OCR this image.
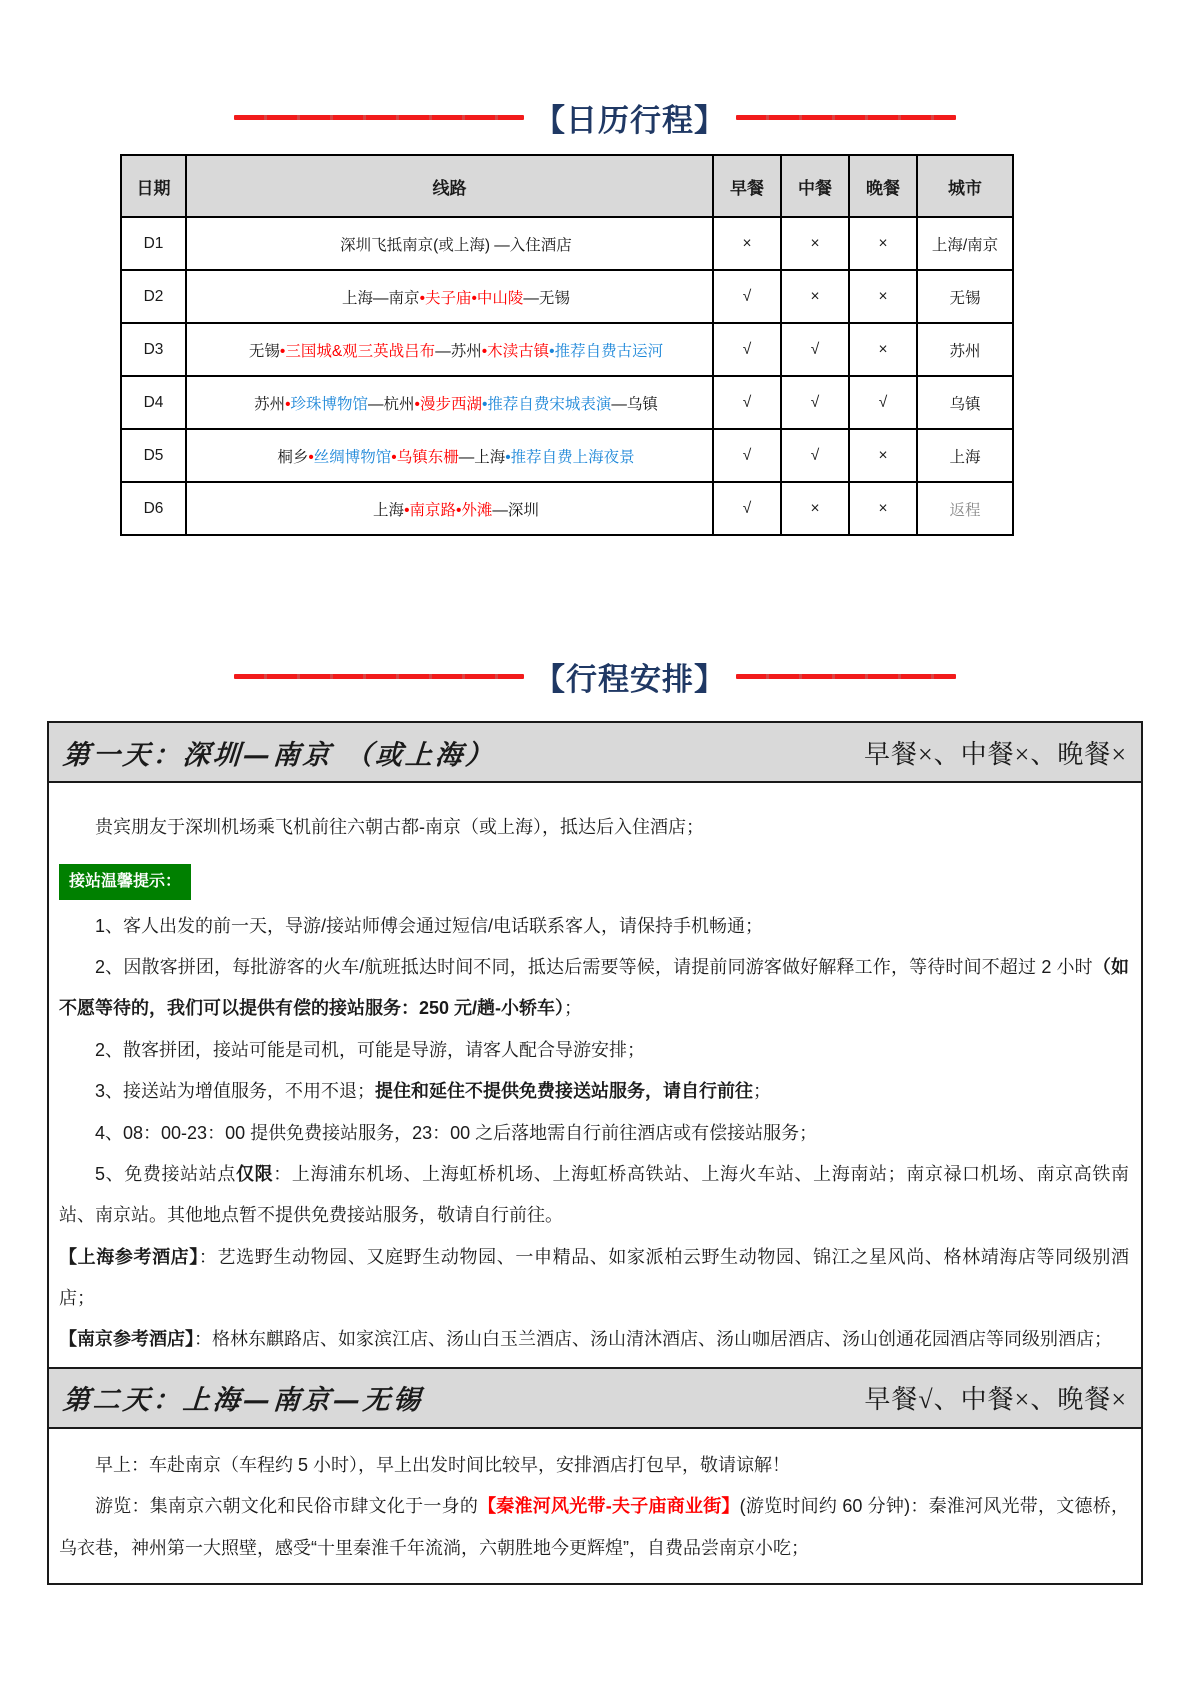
【日历行程】
日期	线路	早餐	中餐	晚餐	城市
D1	深圳飞抵南京(或上海) —入住酒店	×	×	×	上海/南京
D2	上海—南京•夫子庙•中山陵—无锡	√	×	×	无锡
D3	无锡•三国城&观三英战吕布—苏州•木渎古镇•推荐自费古运河	√	√	×	苏州
D4	苏州•珍珠博物馆—杭州•漫步西湖•推荐自费宋城表演—乌镇	√	√	√	乌镇
D5	桐乡•丝绸博物馆•乌镇东栅—上海•推荐自费上海夜景	√	√	×	上海
D6	上海•南京路•外滩—深圳	√	×	×	返程
【行程安排】
第一天：深圳—南京 （或上海）	早餐×、中餐×、晚餐×

贵宾朋友于深圳机场乘飞机前往六朝古都-南京（或上海），抵达后入住酒店；

接站温馨提示：

1、客人出发的前一天，导游/接站师傅会通过短信/电话联系客人，请保持手机畅通；

2、因散客拼团，每批游客的火车/航班抵达时间不同，抵达后需要等候，请提前同游客做好解释工作，等待时间不超过 2 小时（如不愿等待的，我们可以提供有偿的接站服务：250 元/趟-小轿车）；

2、散客拼团，接站可能是司机，可能是导游，请客人配合导游安排；

3、接送站为增值服务，不用不退；提住和延住不提供免费接送站服务，请自行前往；

4、08：00-23：00 提供免费接站服务，23：00 之后落地需自行前往酒店或有偿接站服务；

5、免费接站站点仅限：上海浦东机场、上海虹桥机场、上海虹桥高铁站、上海火车站、上海南站；南京禄口机场、南京高铁南站、南京站。其他地点暂不提供免费接站服务，敬请自行前往。

【上海参考酒店】：艺选野生动物园、又庭野生动物园、一申精品、如家派柏云野生动物园、锦江之星风尚、格林靖海店等同级别酒店；

【南京参考酒店】：格林东麒路店、如家滨江店、汤山白玉兰酒店、汤山清沐酒店、汤山咖居酒店、汤山创通花园酒店等同级别酒店；

第二天：上海—南京—无锡	早餐√、中餐×、晚餐×

早上：车赴南京（车程约 5 小时），早上出发时间比较早，安排酒店打包早，敬请谅解！

游览：集南京六朝文化和民俗市肆文化于一身的【秦淮河风光带-夫子庙商业街】(游览时间约 60 分钟)：秦淮河风光带，文德桥，乌衣巷，神州第一大照壁，感受“十里秦淮千年流淌，六朝胜地今更辉煌”，自费品尝南京小吃；
